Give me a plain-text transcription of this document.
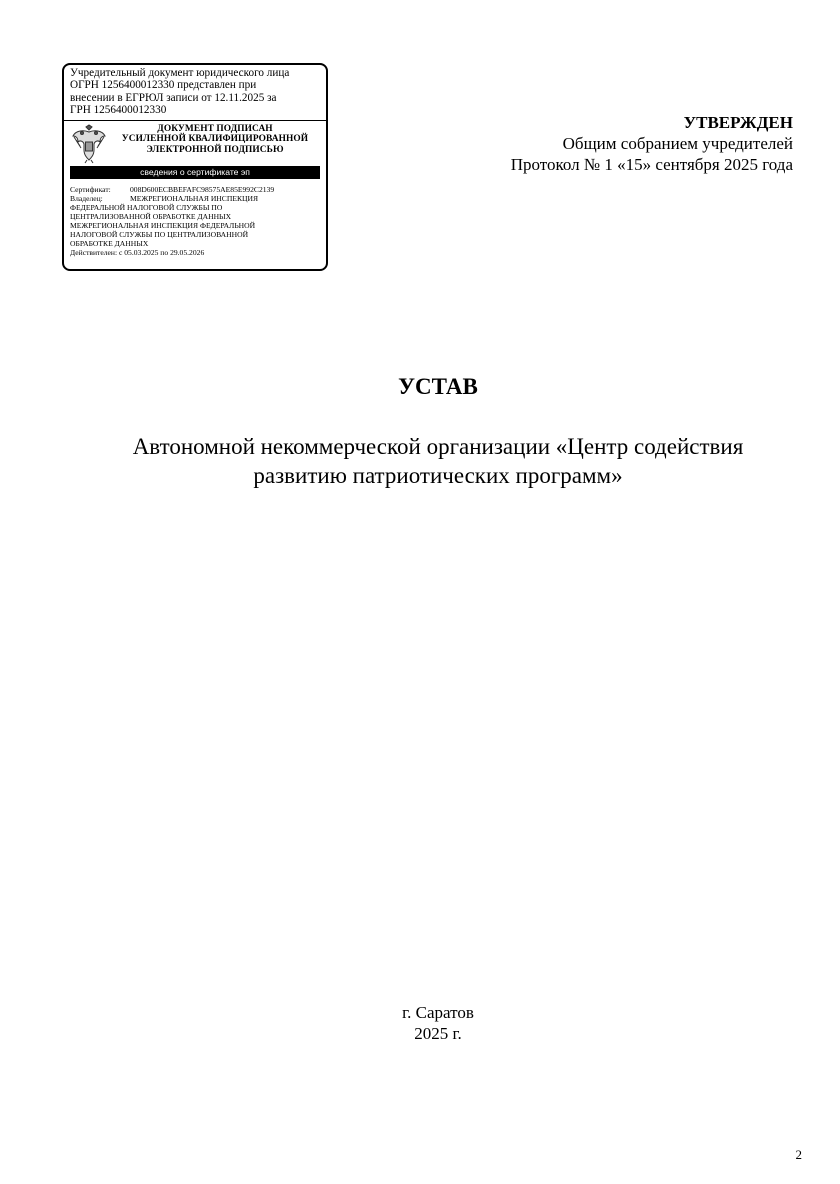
Учредительный документ юридического лица
ОГРН 1256400012330 представлен при
внесении в ЕГРЮЛ записи от 12.11.2025 за
ГРН 1256400012330
ДОКУМЕНТ ПОДПИСАН
УСИЛЕННОЙ КВАЛИФИЦИРОВАННОЙ
ЭЛЕКТРОННОЙ ПОДПИСЬЮ
сведения о сертификате эп
Сертификат:	008D600ECBBEFAFC98575AE85E992C2139
Владелец:	МЕЖРЕГИОНАЛЬНАЯ ИНСПЕКЦИЯ
ФЕДЕРАЛЬНОЙ НАЛОГОВОЙ СЛУЖБЫ ПО
ЦЕНТРАЛИЗОВАННОЙ ОБРАБОТКЕ ДАННЫХ
МЕЖРЕГИОНАЛЬНАЯ ИНСПЕКЦИЯ ФЕДЕРАЛЬНОЙ
НАЛОГОВОЙ СЛУЖБЫ ПО ЦЕНТРАЛИЗОВАННОЙ
ОБРАБОТКЕ ДАННЫХ
Действителен: с 05.03.2025 по 29.05.2026
УТВЕРЖДЕН
Общим собранием учредителей
Протокол № 1 «15» сентября 2025 года
УСТАВ
Автономной некоммерческой организации «Центр содействия
развитию патриотических программ»
г. Саратов
2025 г.
2
